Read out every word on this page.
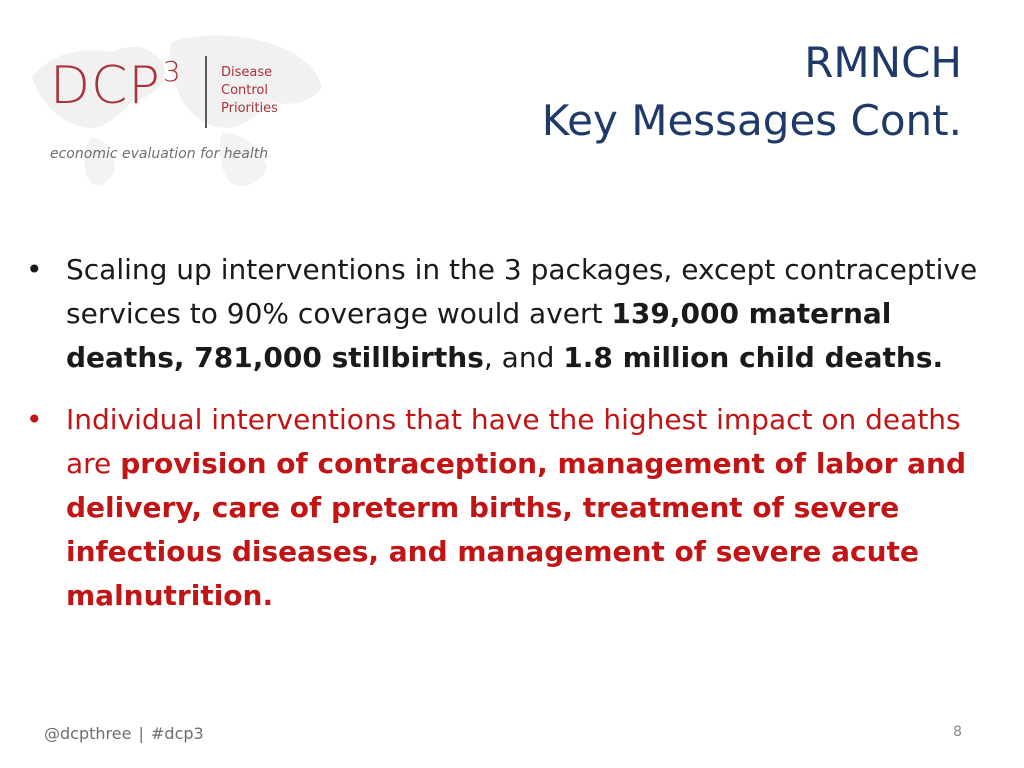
DCP$^3$	Disease
Control
Priorities
economic evaluation for health
RMNCH
Key Messages Cont.
• Scaling up interventions in the 3 packages, except contraceptive services to 90% coverage would avert 139,000 maternal deaths, 781,000 stillbirths, and 1.8 million child deaths.
• Individual interventions that have the highest impact on deaths are provision of contraception, management of labor and delivery, care of preterm births, treatment of severe infectious diseases, and management of severe acute malnutrition.
@dcpthree | #dcp3	8
